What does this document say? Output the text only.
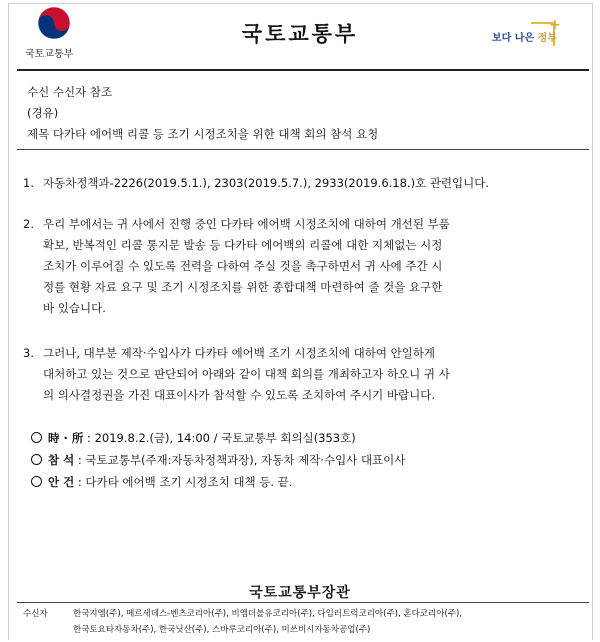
국토교통부
국토교통부	+
보다 나은 정부
수신 수신자 참조
(경유)
제목 다카타 에어백 리콜 등 조기 시정조치을 위한 대책 회의 참석 요청
1. 자동차정책과-2226(2019.5.1.), 2303(2019.5.7.), 2933(2019.6.18.)호 관련입니다.
2. 우리 부에서는 귀 사에서 진행 중인 다카타 에어백 시정조치에 대하여 개선된 부품
확보, 반복적인 리콜 통지문 발송 등 다카타 에어백의 리콜에 대한 지체없는 시정
조치가 이루어질 수 있도록 전력을 다하여 주실 것을 촉구하면서 귀 사에 주간 시
정를 현황 자료 요구 및 조기 시정조치를 위한 종합대책 마련하여 줄 것을 요구한
바 있습니다.
3. 그러나, 대부분 제작·수입사가 다카타 에어백 조기 시정조치에 대하여 안일하게
대처하고 있는 것으로 판단되어 아래와 같이 대책 회의를 개최하고자 하오니 귀 사
의 의사결정권을 가진 대표이사가 참석할 수 있도록 조치하여 주시기 바랍니다.
時 · 所 : 2019.8.2.(금), 14:00 / 국토교통부 회의실(353호)
참 석 : 국토교통부(주재:자동차정책과장), 자동차 제작·수입사 대표이사
안 건 : 다카타 에어백 조기 시정조치 대책 등. 끝.
국토교통부장관
수신자	한국지엠(주), 메르세데스-벤츠코리아(주), 비엠더블유코리아(주), 다임러트럭코리아(주), 혼다코리아(주),
한국토요타자동차(주), 한국닛산(주), 스바루코리아(주), 미쓰비시자동차공업(주)
